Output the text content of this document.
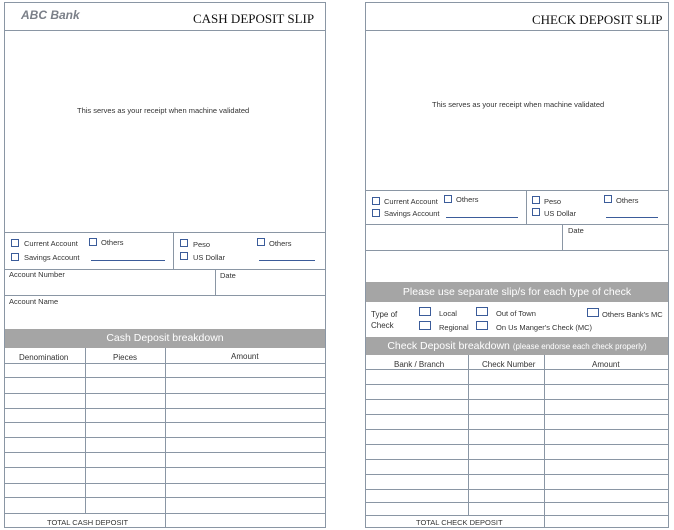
ABC Bank	CASH DEPOSIT SLIP
This serves as your receipt when machine validated
Current Account	Others
Savings Account
Peso	Others
US Dollar
Account Number	Date
Account Name
Cash Deposit breakdown
Denomination	Pieces	Amount
TOTAL CASH DEPOSIT
CHECK DEPOSIT SLIP
This serves as your receipt when machine validated
Current Account Others
Savings Account
Peso	Others
US Dollar
Date
Please use separate slip/s for each type of check
Type of
Check
Local	Out of Town	Others Bank's MC
Regional	On Us Manger's Check (MC)
Check Deposit breakdown (please endorse each check properly)
Bank / Branch	Check Number	Amount
TOTAL CHECK DEPOSIT
